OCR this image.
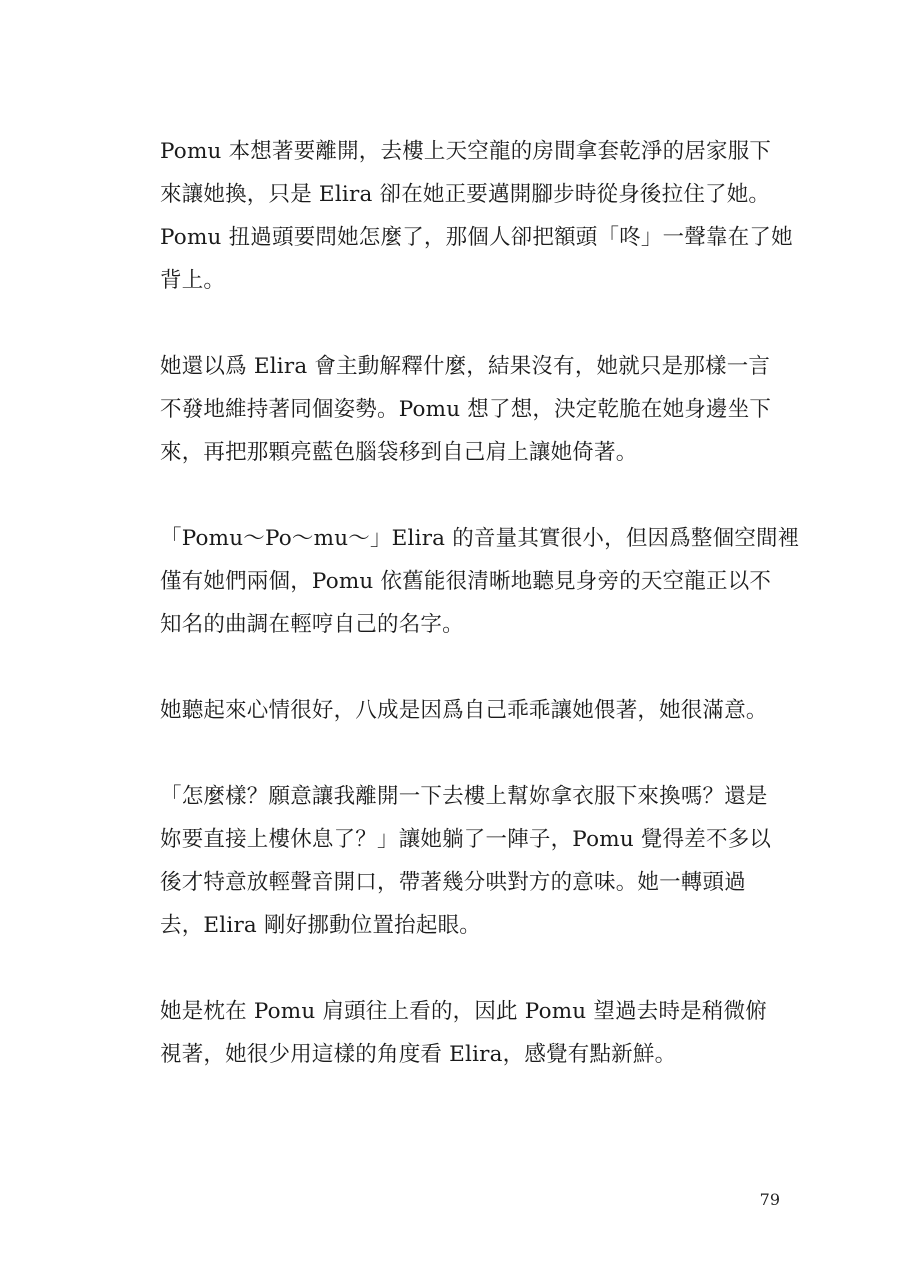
Pomu 本想著要離開，去樓上天空龍的房間拿套乾淨的居家服下
來讓她換，只是 Elira 卻在她正要邁開腳步時從身後拉住了她。
Pomu 扭過頭要問她怎麼了，那個人卻把額頭「咚」一聲靠在了她
背上。

她還以爲 Elira 會主動解釋什麼，結果沒有，她就只是那樣一言
不發地維持著同個姿勢。Pomu 想了想，決定乾脆在她身邊坐下
來，再把那顆亮藍色腦袋移到自己肩上讓她倚著。

「Pomu～Po～mu～」Elira 的音量其實很小，但因爲整個空間裡
僅有她們兩個，Pomu 依舊能很清晰地聽見身旁的天空龍正以不
知名的曲調在輕哼自己的名字。

她聽起來心情很好，八成是因爲自己乖乖讓她偎著，她很滿意。

「怎麼樣？願意讓我離開一下去樓上幫妳拿衣服下來換嗎？還是
妳要直接上樓休息了？」讓她躺了一陣子，Pomu 覺得差不多以
後才特意放輕聲音開口，帶著幾分哄對方的意味。她一轉頭過
去，Elira 剛好挪動位置抬起眼。

她是枕在 Pomu 肩頭往上看的，因此 Pomu 望過去時是稍微俯
視著，她很少用這樣的角度看 Elira，感覺有點新鮮。

79
